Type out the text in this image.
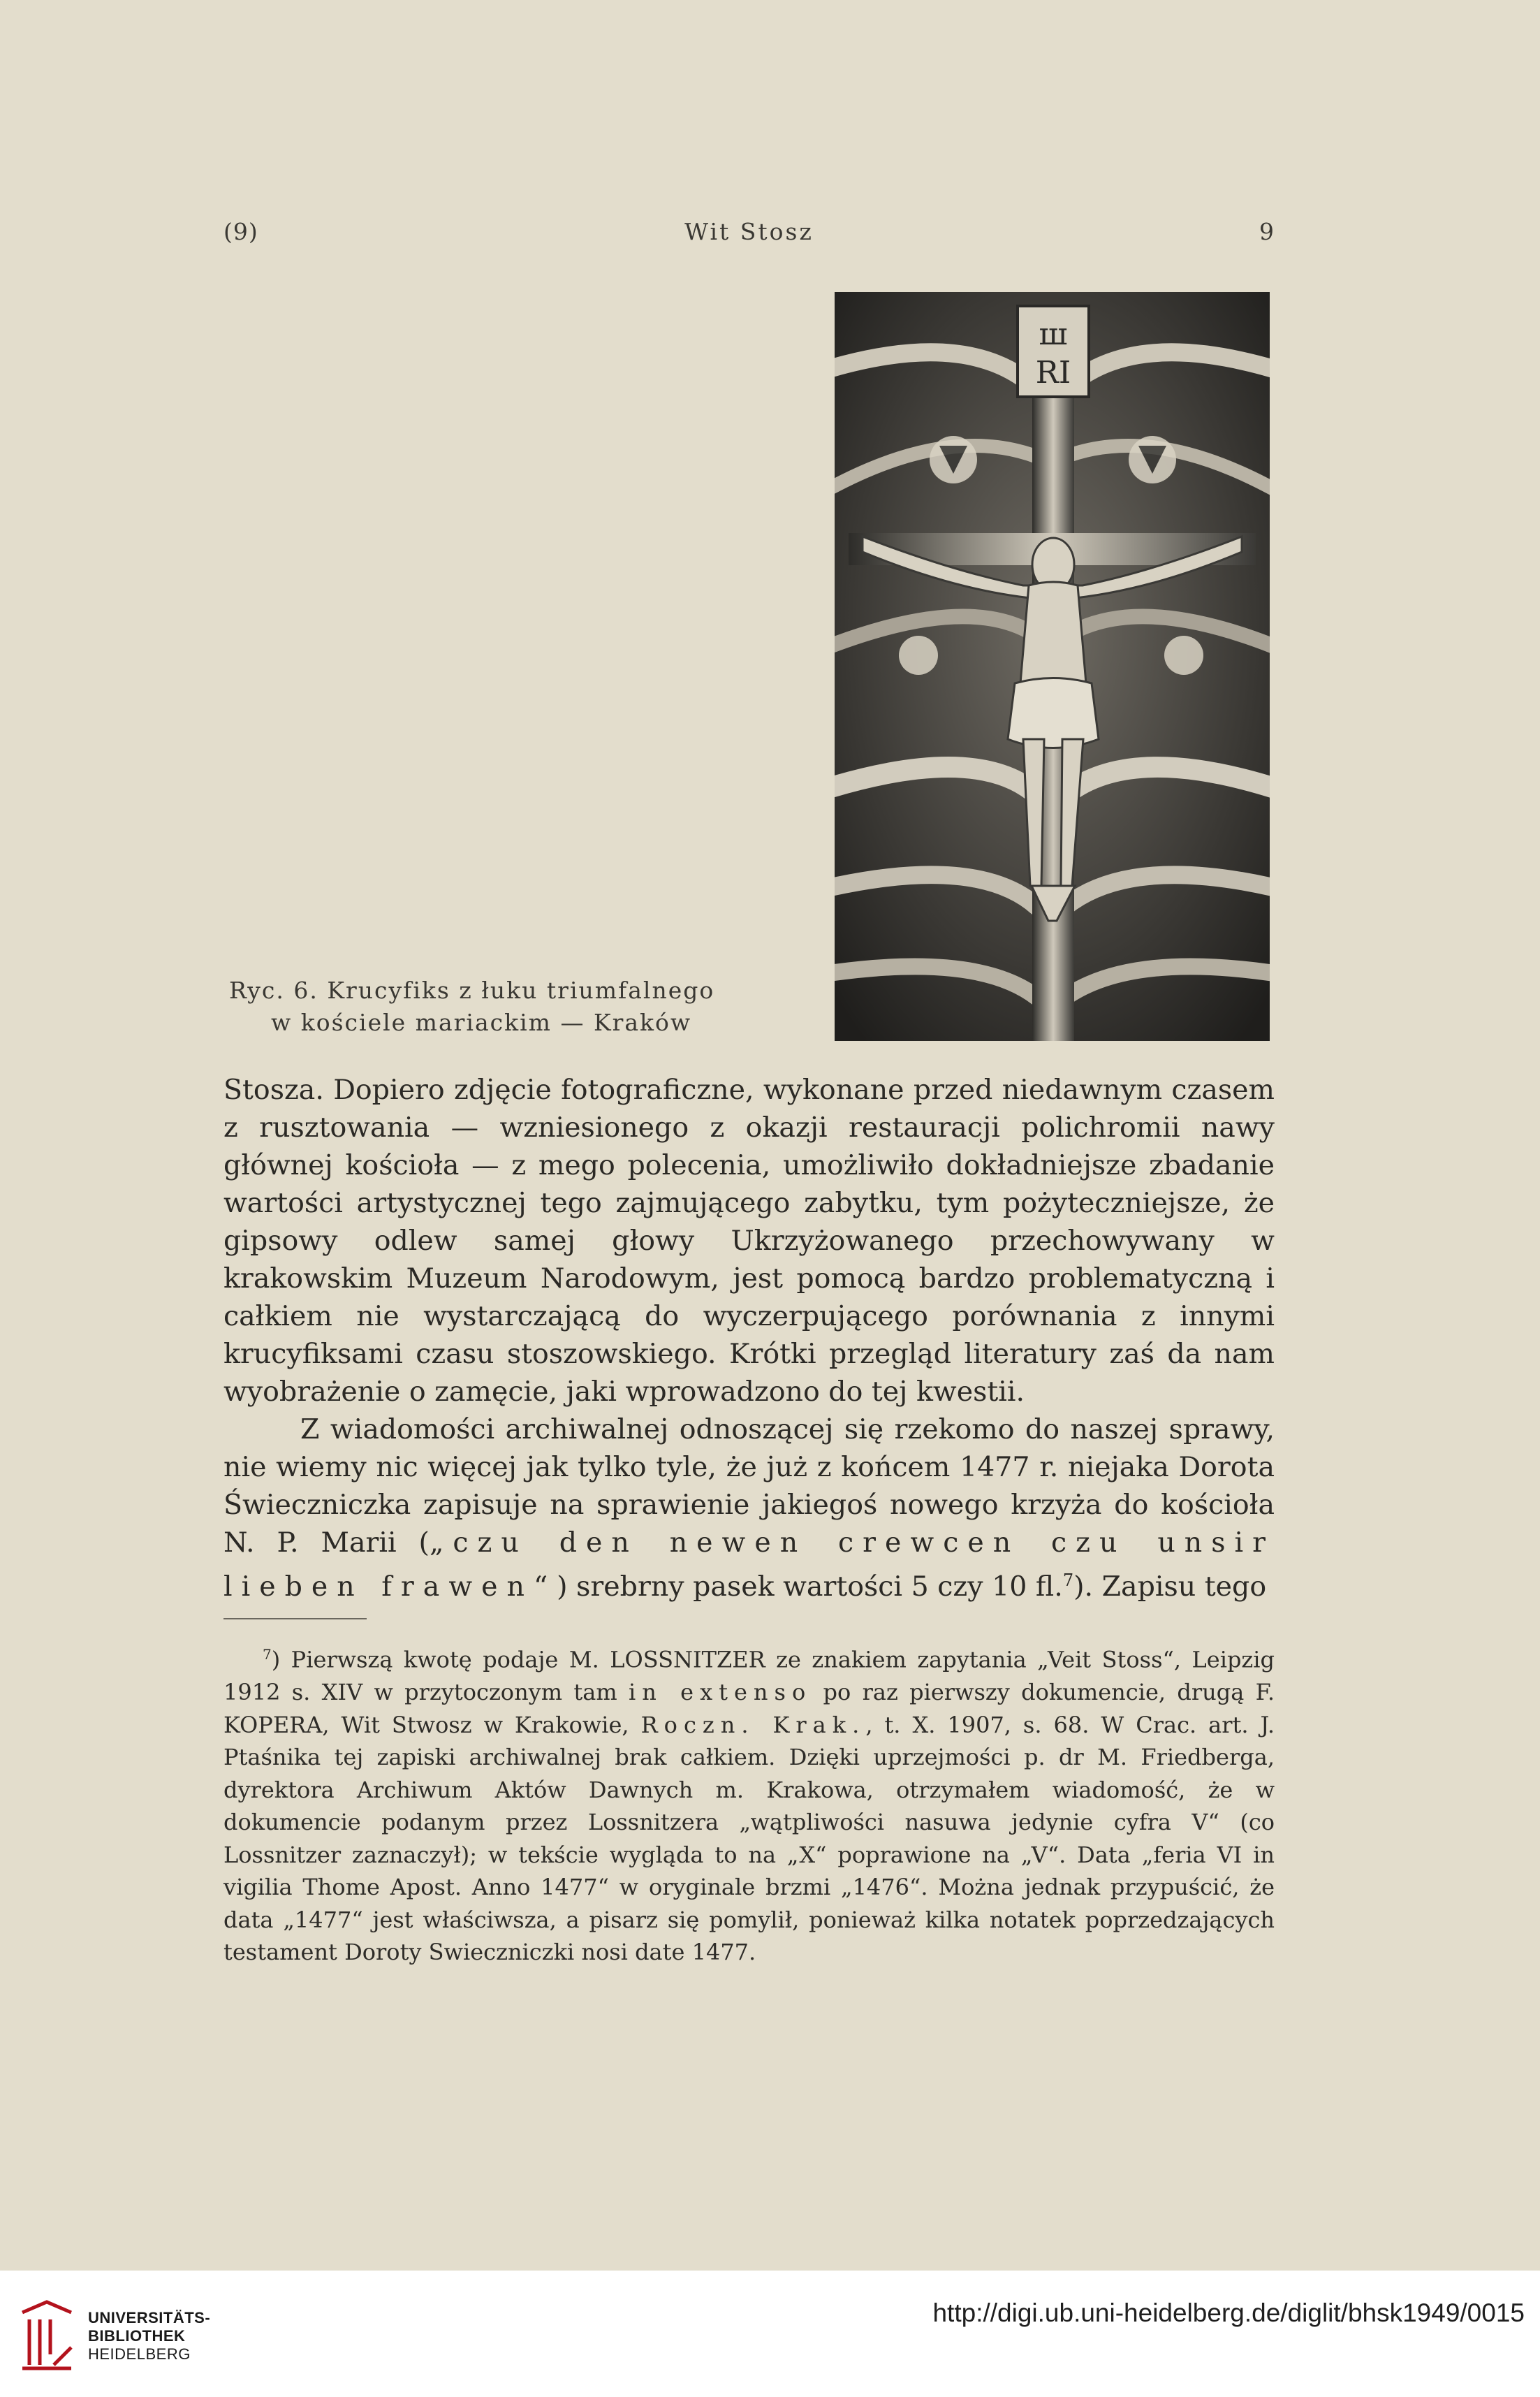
(9)	Wit Stosz	9
ш
RI
Ryc. 6. Krucyfiks z łuku triumfalnego
w kościele mariackim — Kraków

Stosza. Dopiero zdjęcie fotograficzne, wykonane przed niedawnym czasem z rusztowania — wzniesionego z okazji restauracji polichromii nawy głównej kościoła — z mego polecenia, umożliwiło dokładniejsze zbadanie wartości artystycznej tego zajmującego zabytku, tym pożyteczniejsze, że gipsowy odlew samej głowy Ukrzyżowanego przechowywany w krakowskim Muzeum Narodowym, jest pomocą bardzo problematyczną i całkiem nie wystarczającą do wyczerpującego porównania z innymi krucyfiksami czasu stoszowskiego. Krótki przegląd literatury zaś da nam wyobrażenie o zamęcie, jaki wprowadzono do tej kwestii.

Z wiadomości archiwalnej odnoszącej się rzekomo do naszej sprawy, nie wiemy nic więcej jak tylko tyle, że już z końcem 1477 r. niejaka Dorota Świeczniczka zapisuje na sprawienie jakiegoś nowego krzyża do kościoła N. P. Marii („czu den newen crewcen czu unsir lieben frawen“) srebrny pasek wartości 5 czy 10 fl.$^7$). Zapisu tego

$^7$) Pierwszą kwotę podaje M. LOSSNITZER ze znakiem zapytania „Veit Stoss“, Leipzig 1912 s. XIV w przytoczonym tam in extenso po raz pierwszy dokumencie, drugą F. KOPERA, Wit Stwosz w Krakowie, Roczn. Krak., t. X. 1907, s. 68. W Crac. art. J. Ptaśnika tej zapiski archiwalnej brak całkiem. Dzięki uprzejmości p. dr M. Friedberga, dyrektora Archiwum Aktów Dawnych m. Krakowa, otrzymałem wiadomość, że w dokumencie podanym przez Lossnitzera „wątpliwości nasuwa jedynie cyfra V“ (co Lossnitzer zaznaczył); w tekście wygląda to na „X“ poprawione na „V“. Data „feria VI in vigilia Thome Apost. Anno 1477“ w oryginale brzmi „1476“. Można jednak przypuścić, że data „1477“ jest właściwsza, a pisarz się pomylił, ponieważ kilka notatek poprzedzających testament Doroty Swieczniczki nosi date 1477.

UNIVERSITÄTS-
BIBLIOTHEK
HEIDELBERG
http://digi.ub.uni-heidelberg.de/diglit/bhsk1949/0015
